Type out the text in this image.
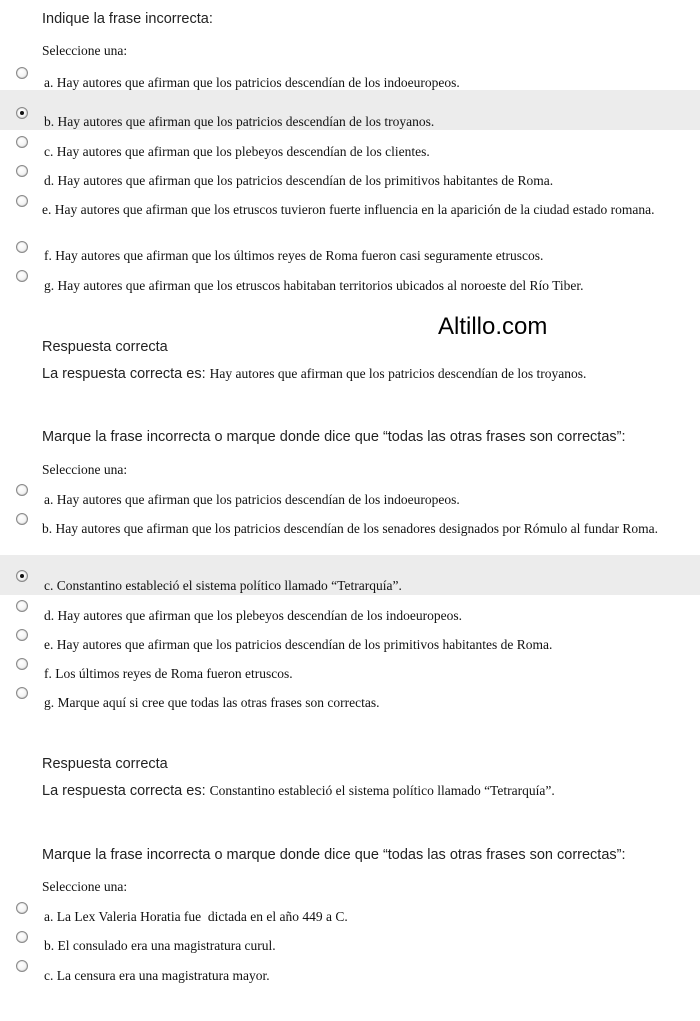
Indique la frase incorrecta:
Seleccione una:
a. Hay autores que afirman que los patricios descendían de los indoeuropeos.
b. Hay autores que afirman que los patricios descendían de los troyanos.
c. Hay autores que afirman que los plebeyos descendían de los clientes.
d. Hay autores que afirman que los patricios descendían de los primitivos habitantes de Roma.
e. Hay autores que afirman que los etruscos tuvieron fuerte influencia en la aparición de la ciudad estado romana.
f. Hay autores que afirman que los últimos reyes de Roma fueron casi seguramente etruscos.
g. Hay autores que afirman que los etruscos habitaban territorios ubicados al noroeste del Río Tiber.
Altillo.com
Respuesta correcta
La respuesta correcta es: Hay autores que afirman que los patricios descendían de los troyanos.
Marque la frase incorrecta o marque donde dice que “todas las otras frases son correctas”:
Seleccione una:
a. Hay autores que afirman que los patricios descendían de los indoeuropeos.
b. Hay autores que afirman que los patricios descendían de los senadores designados por Rómulo al fundar Roma.
c. Constantino estableció el sistema político llamado “Tetrarquía”.
d. Hay autores que afirman que los plebeyos descendían de los indoeuropeos.
e. Hay autores que afirman que los patricios descendían de los primitivos habitantes de Roma.
f. Los últimos reyes de Roma fueron etruscos.
g. Marque aquí si cree que todas las otras frases son correctas.
Respuesta correcta
La respuesta correcta es: Constantino estableció el sistema político llamado “Tetrarquía”.
Marque la frase incorrecta o marque donde dice que “todas las otras frases son correctas”:
Seleccione una:
a. La Lex Valeria Horatia fue  dictada en el año 449 a C.
b. El consulado era una magistratura curul.
c. La censura era una magistratura mayor.
